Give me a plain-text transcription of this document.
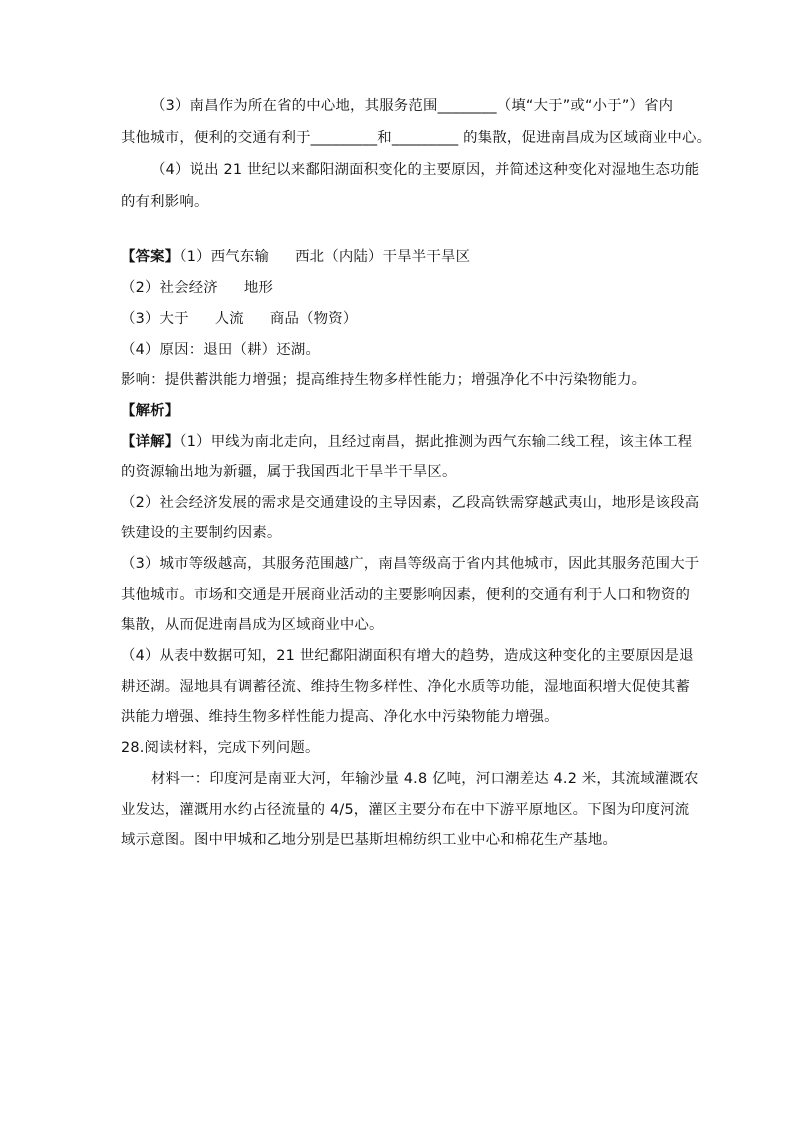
（3）南昌作为所在省的中心地，其服务范围________（填“大于”或“小于”）省内
其他城市，便利的交通有利于_________和_________ 的集散，促进南昌成为区域商业中心。
（4）说出 21 世纪以来鄱阳湖面积变化的主要原因，并简述这种变化对湿地生态功能
的有利影响。
【答案】（1）西气东输 西北（内陆）干旱半干旱区
（2）社会经济 地形
（3）大于 人流 商品（物资）
（4）原因：退田（耕）还湖。
影响：提供蓄洪能力增强；提高维持生物多样性能力；增强净化不中污染物能力。
【解析】
【详解】（1）甲线为南北走向，且经过南昌，据此推测为西气东输二线工程，该主体工程
的资源输出地为新疆，属于我国西北干旱半干旱区。
（2）社会经济发展的需求是交通建设的主导因素，乙段高铁需穿越武夷山，地形是该段高
铁建设的主要制约因素。
（3）城市等级越高，其服务范围越广，南昌等级高于省内其他城市，因此其服务范围大于
其他城市。市场和交通是开展商业活动的主要影响因素，便利的交通有利于人口和物资的
集散，从而促进南昌成为区域商业中心。
（4）从表中数据可知，21 世纪鄱阳湖面积有增大的趋势，造成这种变化的主要原因是退
耕还湖。湿地具有调蓄径流、维持生物多样性、净化水质等功能，湿地面积增大促使其蓄
洪能力增强、维持生物多样性能力提高、净化水中污染物能力增强。
28.阅读材料，完成下列问题。
材料一：印度河是南亚大河，年输沙量 4.8 亿吨，河口潮差达 4.2 米，其流域灌溉农
业发达，灌溉用水约占径流量的 4/5，灌区主要分布在中下游平原地区。下图为印度河流
域示意图。图中甲城和乙地分别是巴基斯坦棉纺织工业中心和棉花生产基地。
